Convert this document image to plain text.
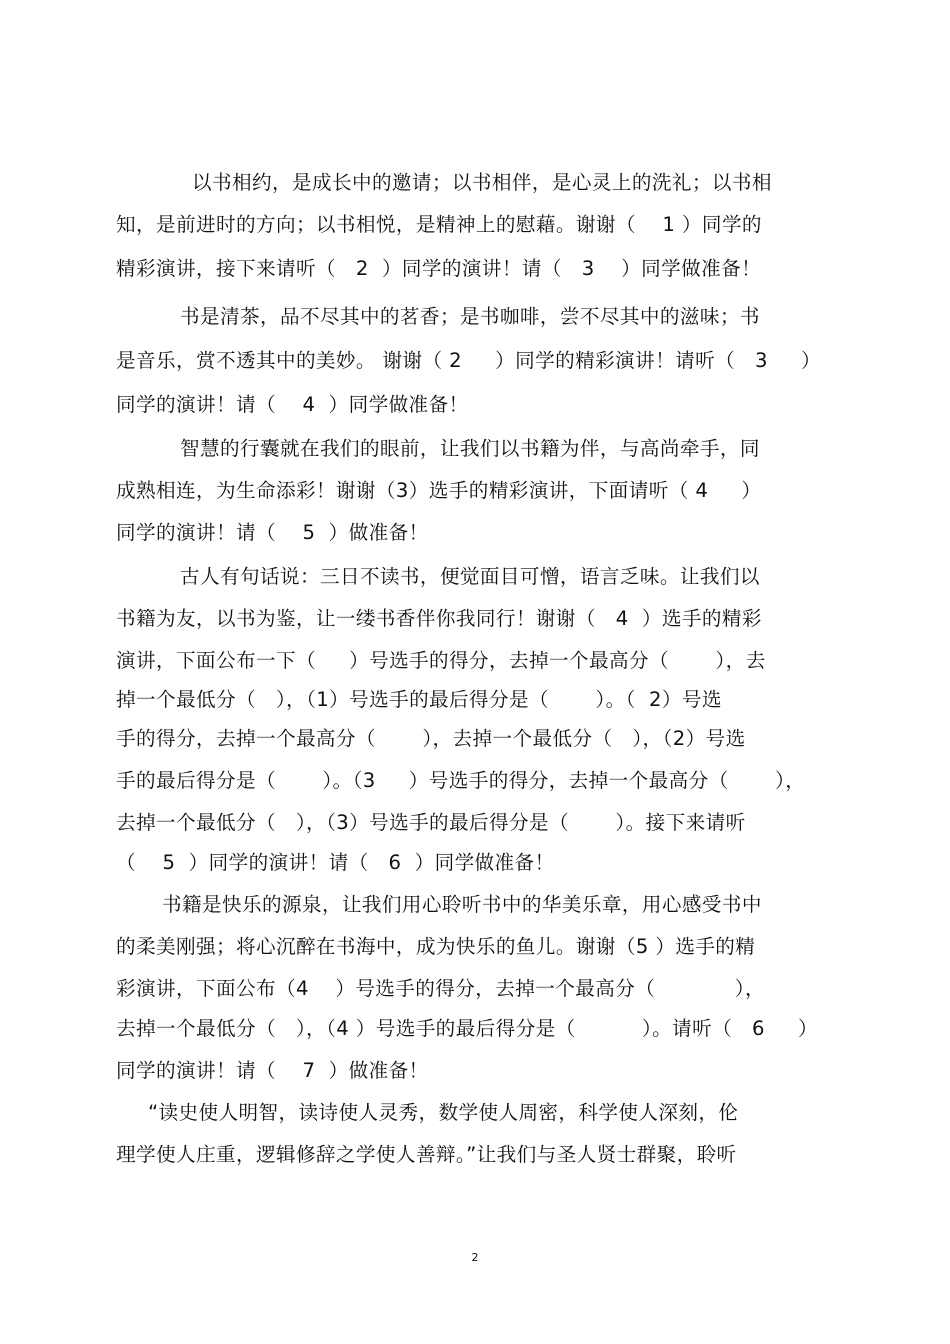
以书相约，是成长中的邀请；以书相伴，是心灵上的洗礼；以书相
知，是前进时的方向；以书相悦，是精神上的慰藉。谢谢（    1 ）同学的
精彩演讲，接下来请听（   2  ）同学的演讲！请（   3    ）同学做准备！
书是清茶，品不尽其中的茗香；是书咖啡，尝不尽其中的滋味；书
是音乐，赏不透其中的美妙。 谢谢（ 2     ）同学的精彩演讲！请听（   3     ）
同学的演讲！请（    4  ）同学做准备！
智慧的行囊就在我们的眼前，让我们以书籍为伴，与高尚牵手，同
成熟相连，为生命添彩！谢谢（3）选手的精彩演讲，下面请听（ 4     ）
同学的演讲！请（    5  ）做准备！
古人有句话说：三日不读书，便觉面目可憎，语言乏味。让我们以
书籍为友，以书为鉴，让一缕书香伴你我同行！谢谢（   4  ）选手的精彩
演讲，下面公布一下（     ）号选手的得分，去掉一个最高分（       ），去
掉一个最低分（   ），（1）号选手的最后得分是（       ）。（  2）号选
手的得分，去掉一个最高分（       ），去掉一个最低分（   ），（2）号选
手的最后得分是（       ）。（3     ）号选手的得分，去掉一个最高分（       ），
去掉一个最低分（   ），（3）号选手的最后得分是（       ）。接下来请听
（    5  ）同学的演讲！请（   6  ）同学做准备！
书籍是快乐的源泉，让我们用心聆听书中的华美乐章，用心感受书中
的柔美刚强；将心沉醉在书海中，成为快乐的鱼儿。谢谢（5 ）选手的精
彩演讲，下面公布（4    ）号选手的得分，去掉一个最高分（            ），
去掉一个最低分（   ），（4 ）号选手的最后得分是（          ）。请听（   6     ）
同学的演讲！请（    7  ）做准备！
“读史使人明智，读诗使人灵秀，数学使人周密，科学使人深刻，伦
理学使人庄重，逻辑修辞之学使人善辩。”让我们与圣人贤士群聚，聆听
2
